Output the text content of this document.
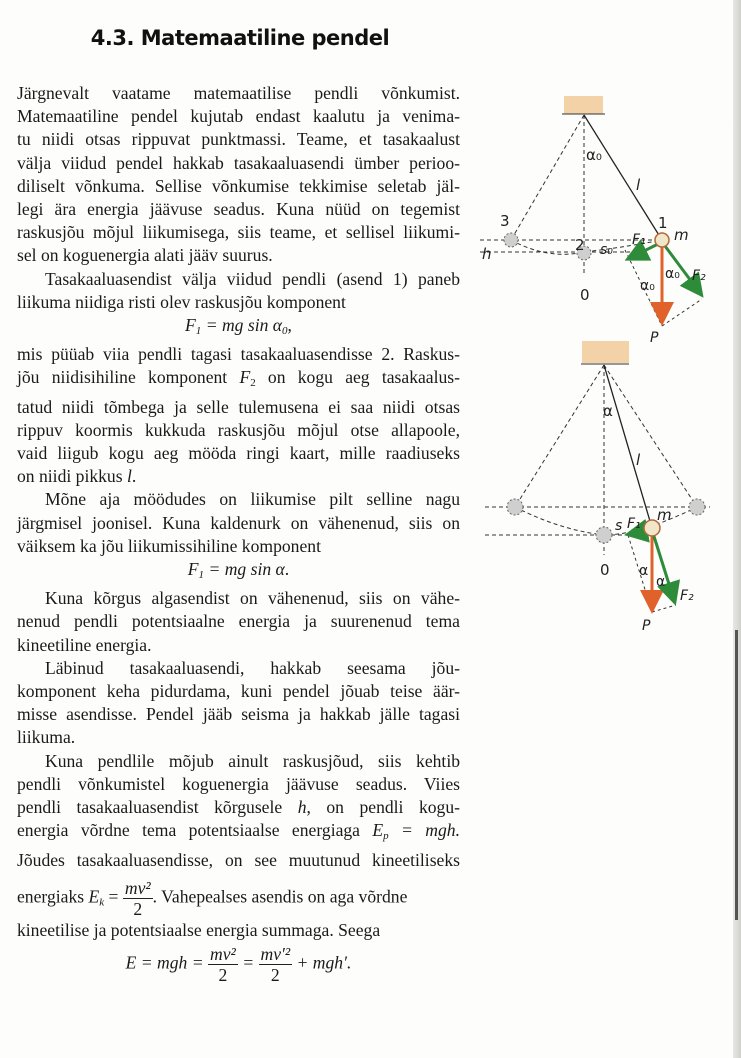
4.3. Matemaatiline pendel
Järgnevalt vaatame matemaatilise pendli võnkumist.
Matemaatiline pendel kujutab endast kaalutu ja venima-
tu niidi otsas rippuvat punktmassi. Teame, et tasakaalust
välja viidud pendel hakkab tasakaaluasendi ümber perioo-
diliselt võnkuma. Sellise võnkumise tekkimise seletab jäl-
legi ära energia jäävuse seadus. Kuna nüüd on tegemist
raskusjõu mõjul liikumisega, siis teame, et sellisel liikumi-
sel on koguenergia alati jääv suurus.
Tasakaaluasendist välja viidud pendli (asend 1) paneb
liikuma niidiga risti olev raskusjõu komponent
$F_1$ = mg $\sin \alpha_0$,
mis püüab viia pendli tagasi tasakaaluasendisse 2. Raskus-
jõu niidisihiline komponent $F_2$ on kogu aeg tasakaalus-
tatud niidi tõmbega ja selle tulemusena ei saa niidi otsas
rippuv koormis kukkuda raskusjõu mõjul otse allapoole,
vaid liigub kogu aeg mööda ringi kaart, mille raadiuseks
on niidi pikkus l.
Mõne aja möödudes on liikumise pilt selline nagu
järgmisel joonisel. Kuna kaldenurk on vähenenud, siis on
väiksem ka jõu liikumissihiline komponent
$F_1$ = mg sin α.
Kuna kõrgus algasendist on vähenenud, siis on vähe-
nenud pendli potentsiaalne energia ja suurenenud tema
kineetiline energia.
Läbinud tasakaaluasendi, hakkab seesama jõu-
komponent keha pidurdama, kuni pendel jõuab teise äär-
misse asendisse. Pendel jääb seisma ja hakkab jälle tagasi
liikuma.
Kuna pendlile mõjub ainult raskusjõud, siis kehtib
pendli võnkumistel koguenergia jäävuse seadus. Viies
pendli tasakaaluasendist kõrgusele h, on pendli kogu-
energia võrdne tema potentsiaalse energiaga $E_p$ = mgh.
Jõudes tasakaaluasendisse, on see muutunud kineetiliseks
energiaks $E_k = \frac{\text{mv²}}{2}$ . Vahepealses asendis on aga võrdne
kineetilise ja potentsiaalse energia summaga. Seega
E = mgh = $\frac{\text{mv²}}{2} = \frac{\text{mv′²}}{2} + mgh'$.
α₀
l
1
m
3
2
h	s₀
0
F₁
F₂
P
α₀
α₀
α
l
m
s F₁
0 α
α
F₂
P
